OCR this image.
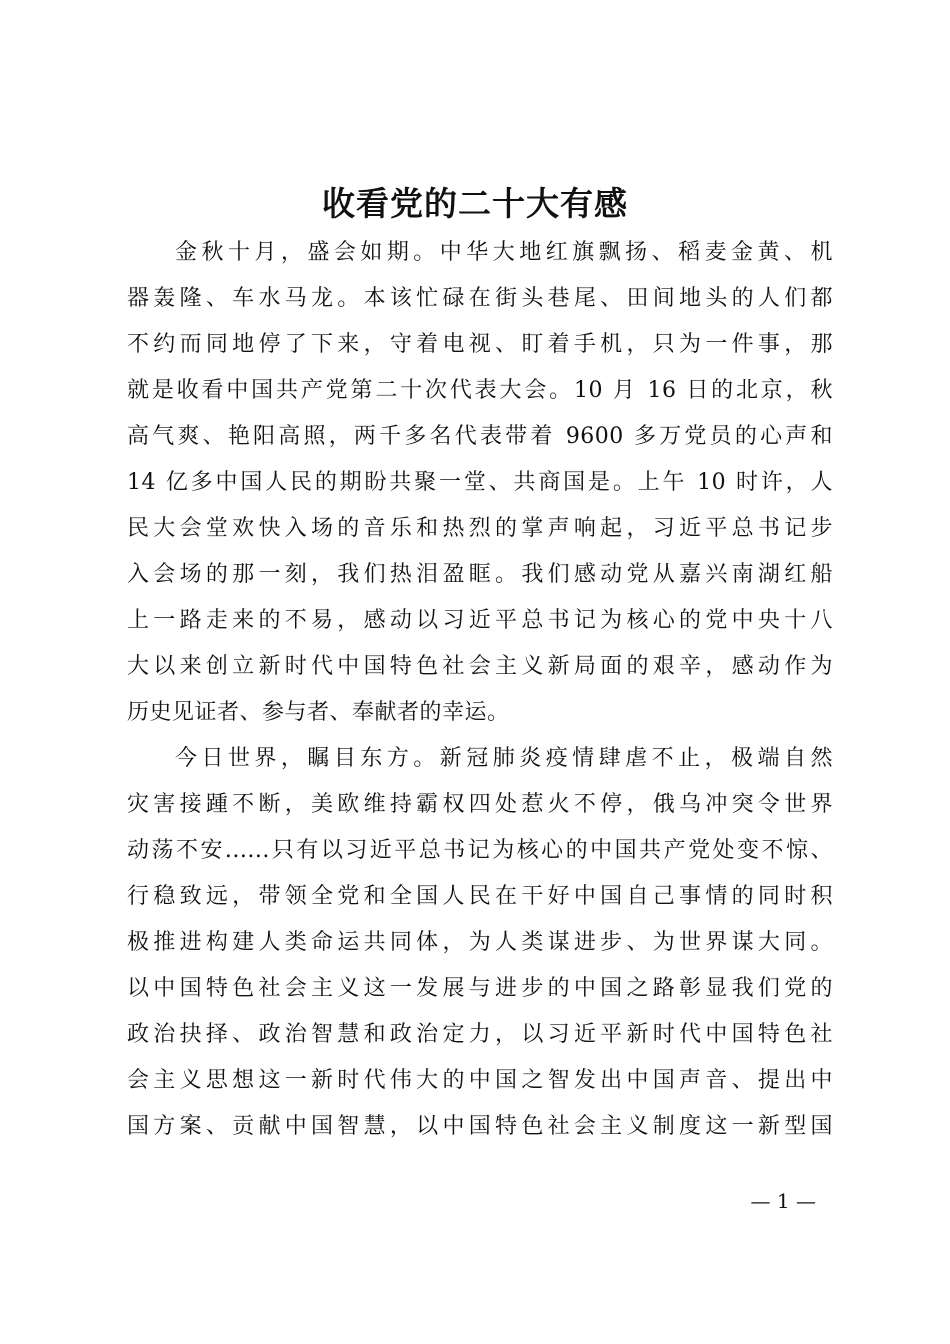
收看党的二十大有感
金秋十月，盛会如期。中华大地红旗飘扬、稻麦金黄、机
器轰隆、车水马龙。本该忙碌在街头巷尾、田间地头的人们都
不约而同地停了下来，守着电视、盯着手机，只为一件事，那
就是收看中国共产党第二十次代表大会。10 月 16 日的北京，秋
高气爽、艳阳高照，两千多名代表带着 9600 多万党员的心声和
14 亿多中国人民的期盼共聚一堂、共商国是。上午 10 时许，人
民大会堂欢快入场的音乐和热烈的掌声响起，习近平总书记步
入会场的那一刻，我们热泪盈眶。我们感动党从嘉兴南湖红船
上一路走来的不易，感动以习近平总书记为核心的党中央十八
大以来创立新时代中国特色社会主义新局面的艰辛，感动作为
历史见证者、参与者、奉献者的幸运。
今日世界，瞩目东方。新冠肺炎疫情肆虐不止，极端自然
灾害接踵不断，美欧维持霸权四处惹火不停，俄乌冲突令世界
动荡不安......只有以习近平总书记为核心的中国共产党处变不惊、
行稳致远，带领全党和全国人民在干好中国自己事情的同时积
极推进构建人类命运共同体，为人类谋进步、为世界谋大同。
以中国特色社会主义这一发展与进步的中国之路彰显我们党的
政治抉择、政治智慧和政治定力，以习近平新时代中国特色社
会主义思想这一新时代伟大的中国之智发出中国声音、提出中
国方案、贡献中国智慧，以中国特色社会主义制度这一新型国
— 1 —
